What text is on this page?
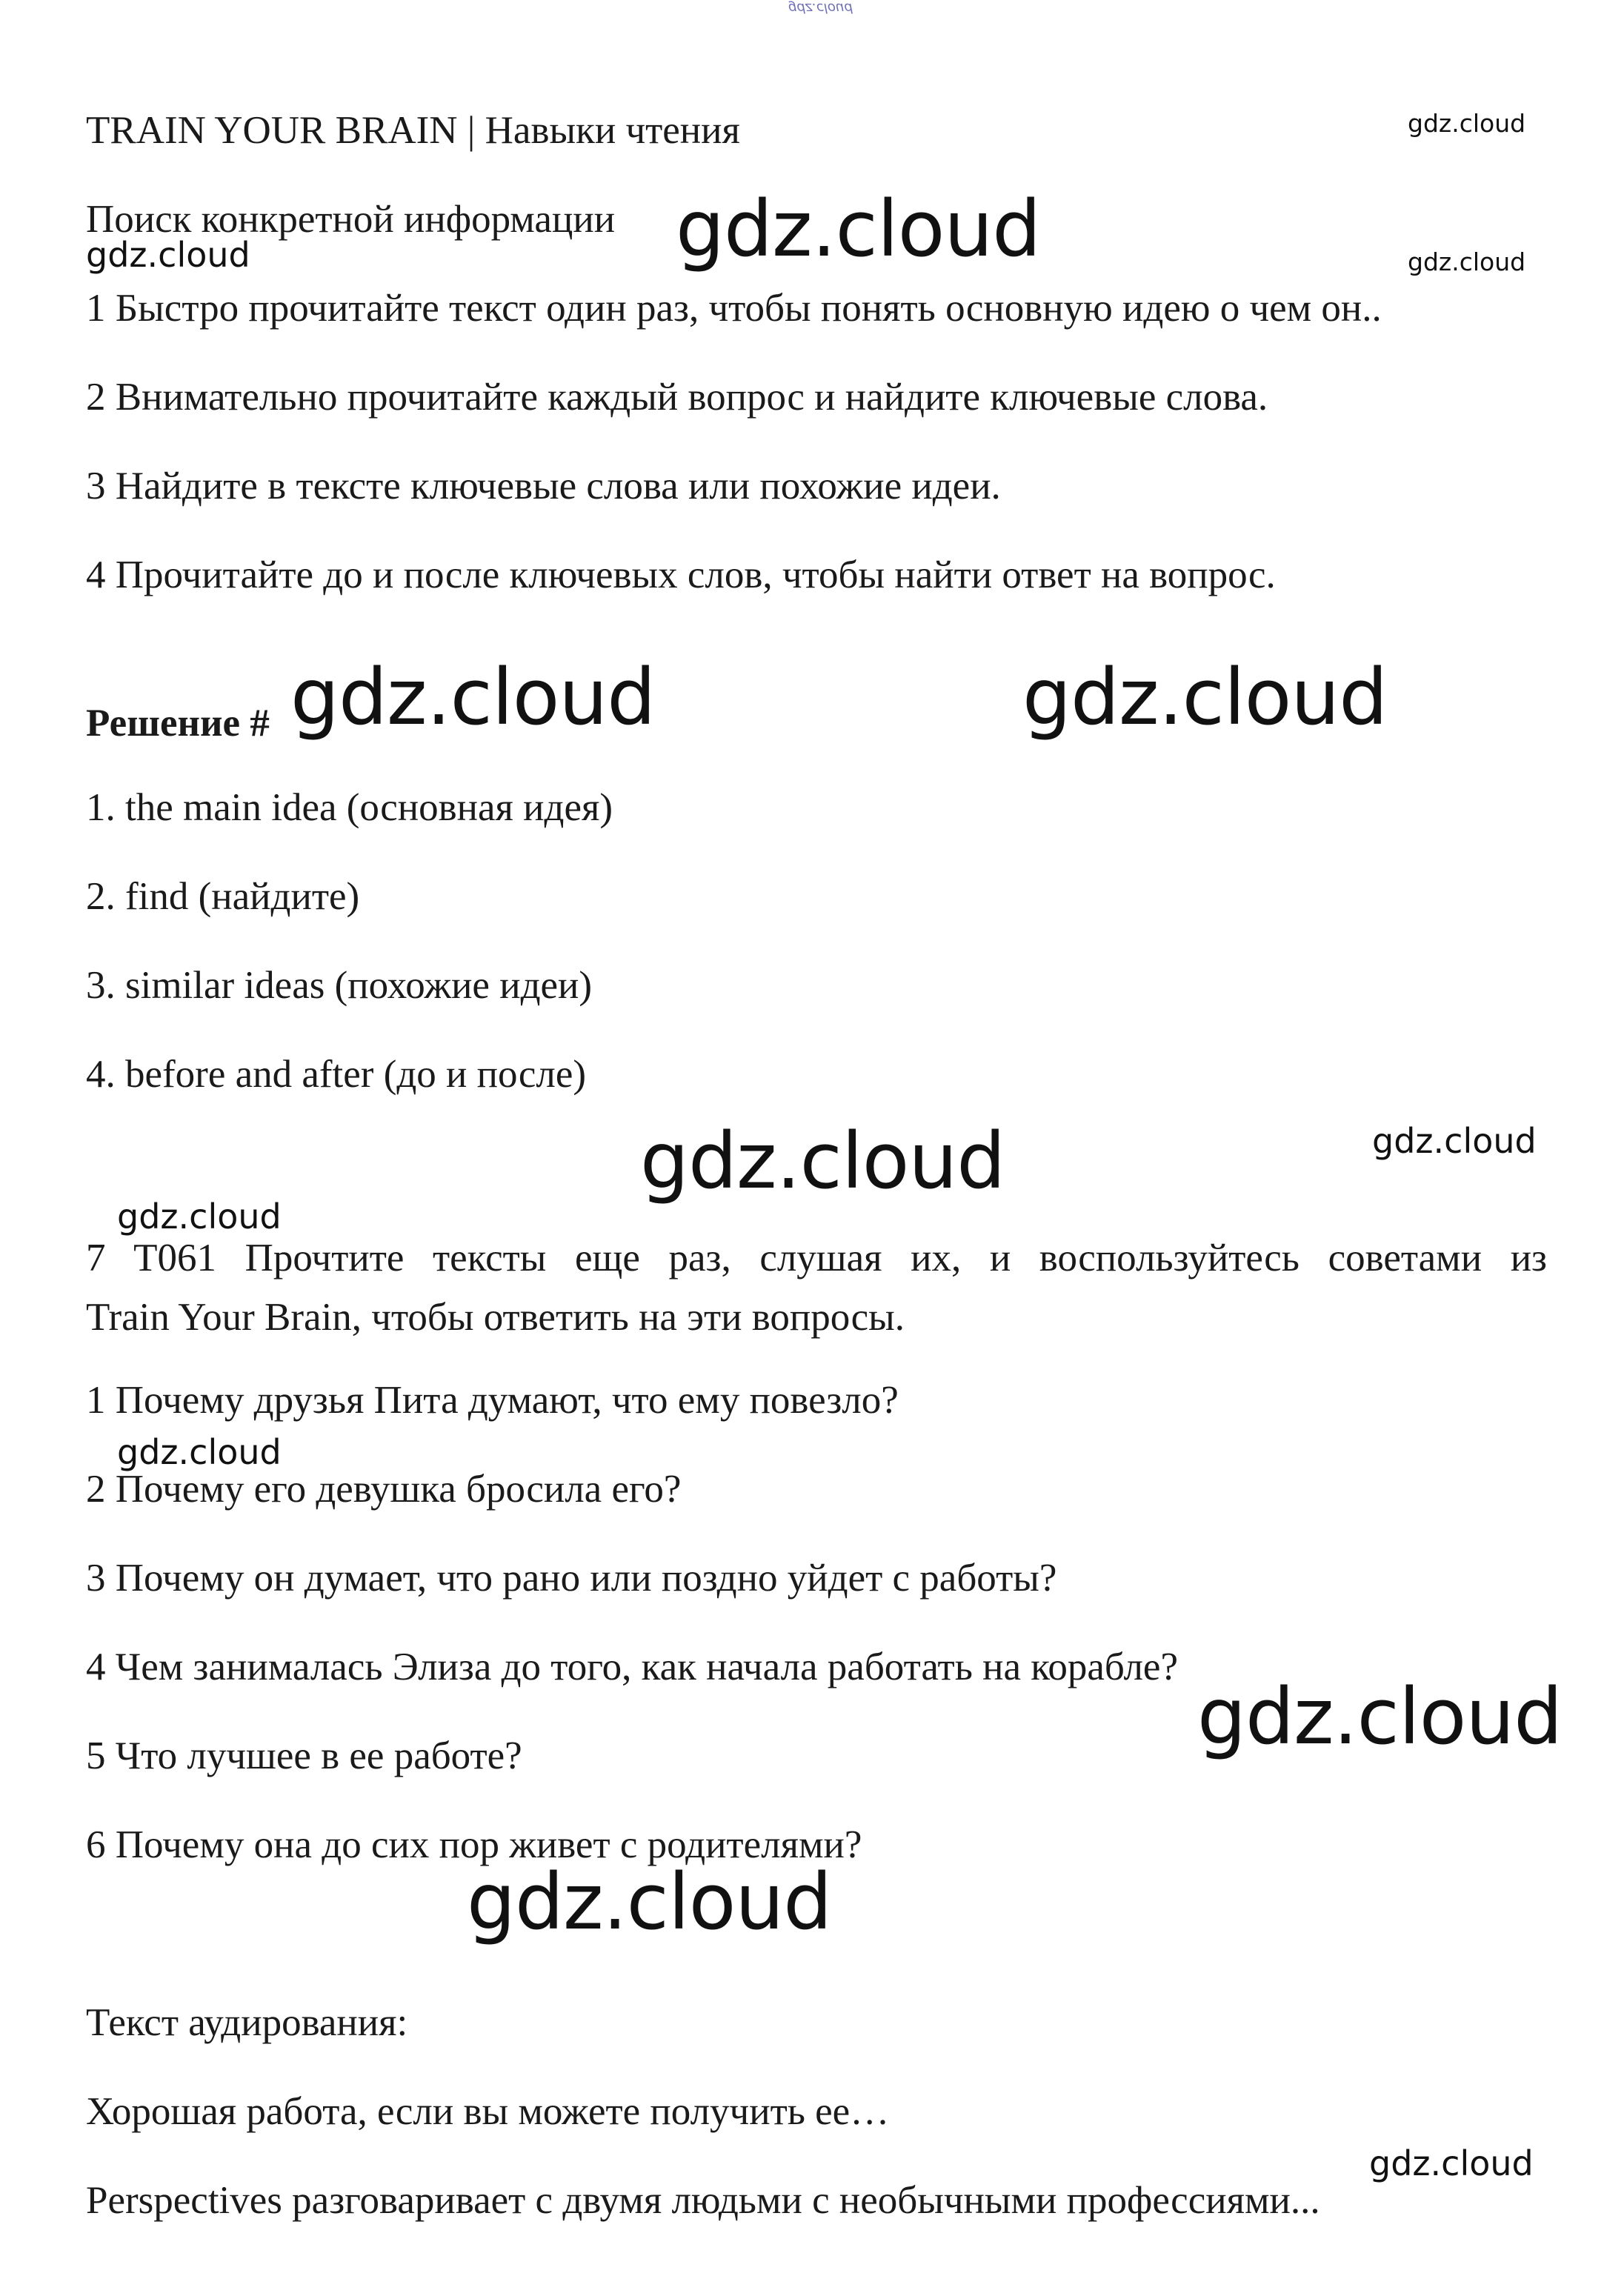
gdz.cloud
gdz.cloud
gdz.cloud
gdz.cloud	gdz.cloud
gdz.cloud	gdz.cloud
gdz.cloud	gdz.cloud
gdz.cloud
gdz.cloud
gdz.cloud
gdz.cloud
gdz.cloud

TRAIN YOUR BRAIN | Навыки чтения

Поиск конкретной информации

1 Быстро прочитайте текст один раз, чтобы понять основную идею о чем он..

2 Внимательно прочитайте каждый вопрос и найдите ключевые слова.

3 Найдите в тексте ключевые слова или похожие идеи.

4 Прочитайте до и после ключевых слов, чтобы найти ответ на вопрос.

Решение #

1. the main idea (основная идея)

2. find (найдите)

3. similar ideas (похожие идеи)

4. before and after (до и после)

7 T061 Прочтите тексты еще раз, слушая их, и воспользуйтесь советами из
Train Your Brain, чтобы ответить на эти вопросы.

1 Почему друзья Пита думают, что ему повезло?

2 Почему его девушка бросила его?

3 Почему он думает, что рано или поздно уйдет с работы?

4 Чем занималась Элиза до того, как начала работать на корабле?

5 Что лучшее в ее работе?

6 Почему она до сих пор живет с родителями?

Текст аудирования:

Хорошая работа, если вы можете получить ее…

Perspectives разговаривает с двумя людьми с необычными профессиями...
